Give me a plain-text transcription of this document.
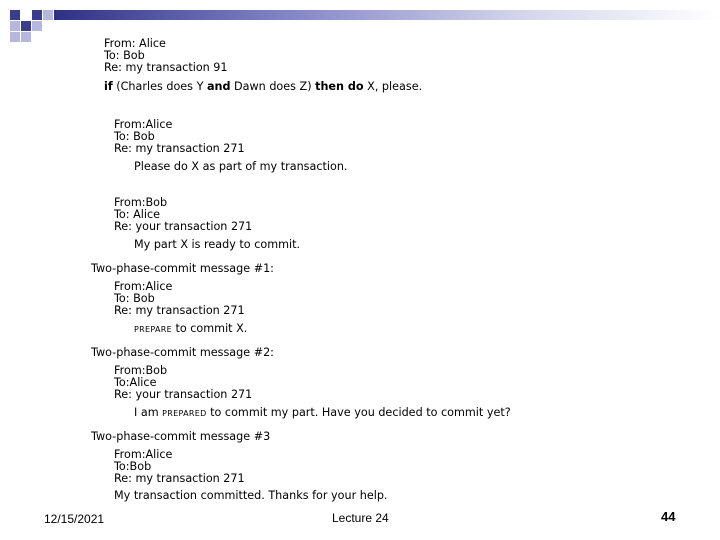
From: Alice
To: Bob
Re: my transaction 91
if (Charles does Y and Dawn does Z) then do X, please.
From:Alice
To: Bob
Re: my transaction 271
Please do X as part of my transaction.
From:Bob
To: Alice
Re: your transaction 271
My part X is ready to commit.
Two-phase-commit message #1:
From:Alice
To: Bob
Re: my transaction 271
PREPARE to commit X.
Two-phase-commit message #2:
From:Bob
To:Alice
Re: your transaction 271
I am PREPARED to commit my part. Have you decided to commit yet?
Two-phase-commit message #3
From:Alice
To:Bob
Re: my transaction 271
My transaction committed. Thanks for your help.
12/15/2021	Lecture 24	44
